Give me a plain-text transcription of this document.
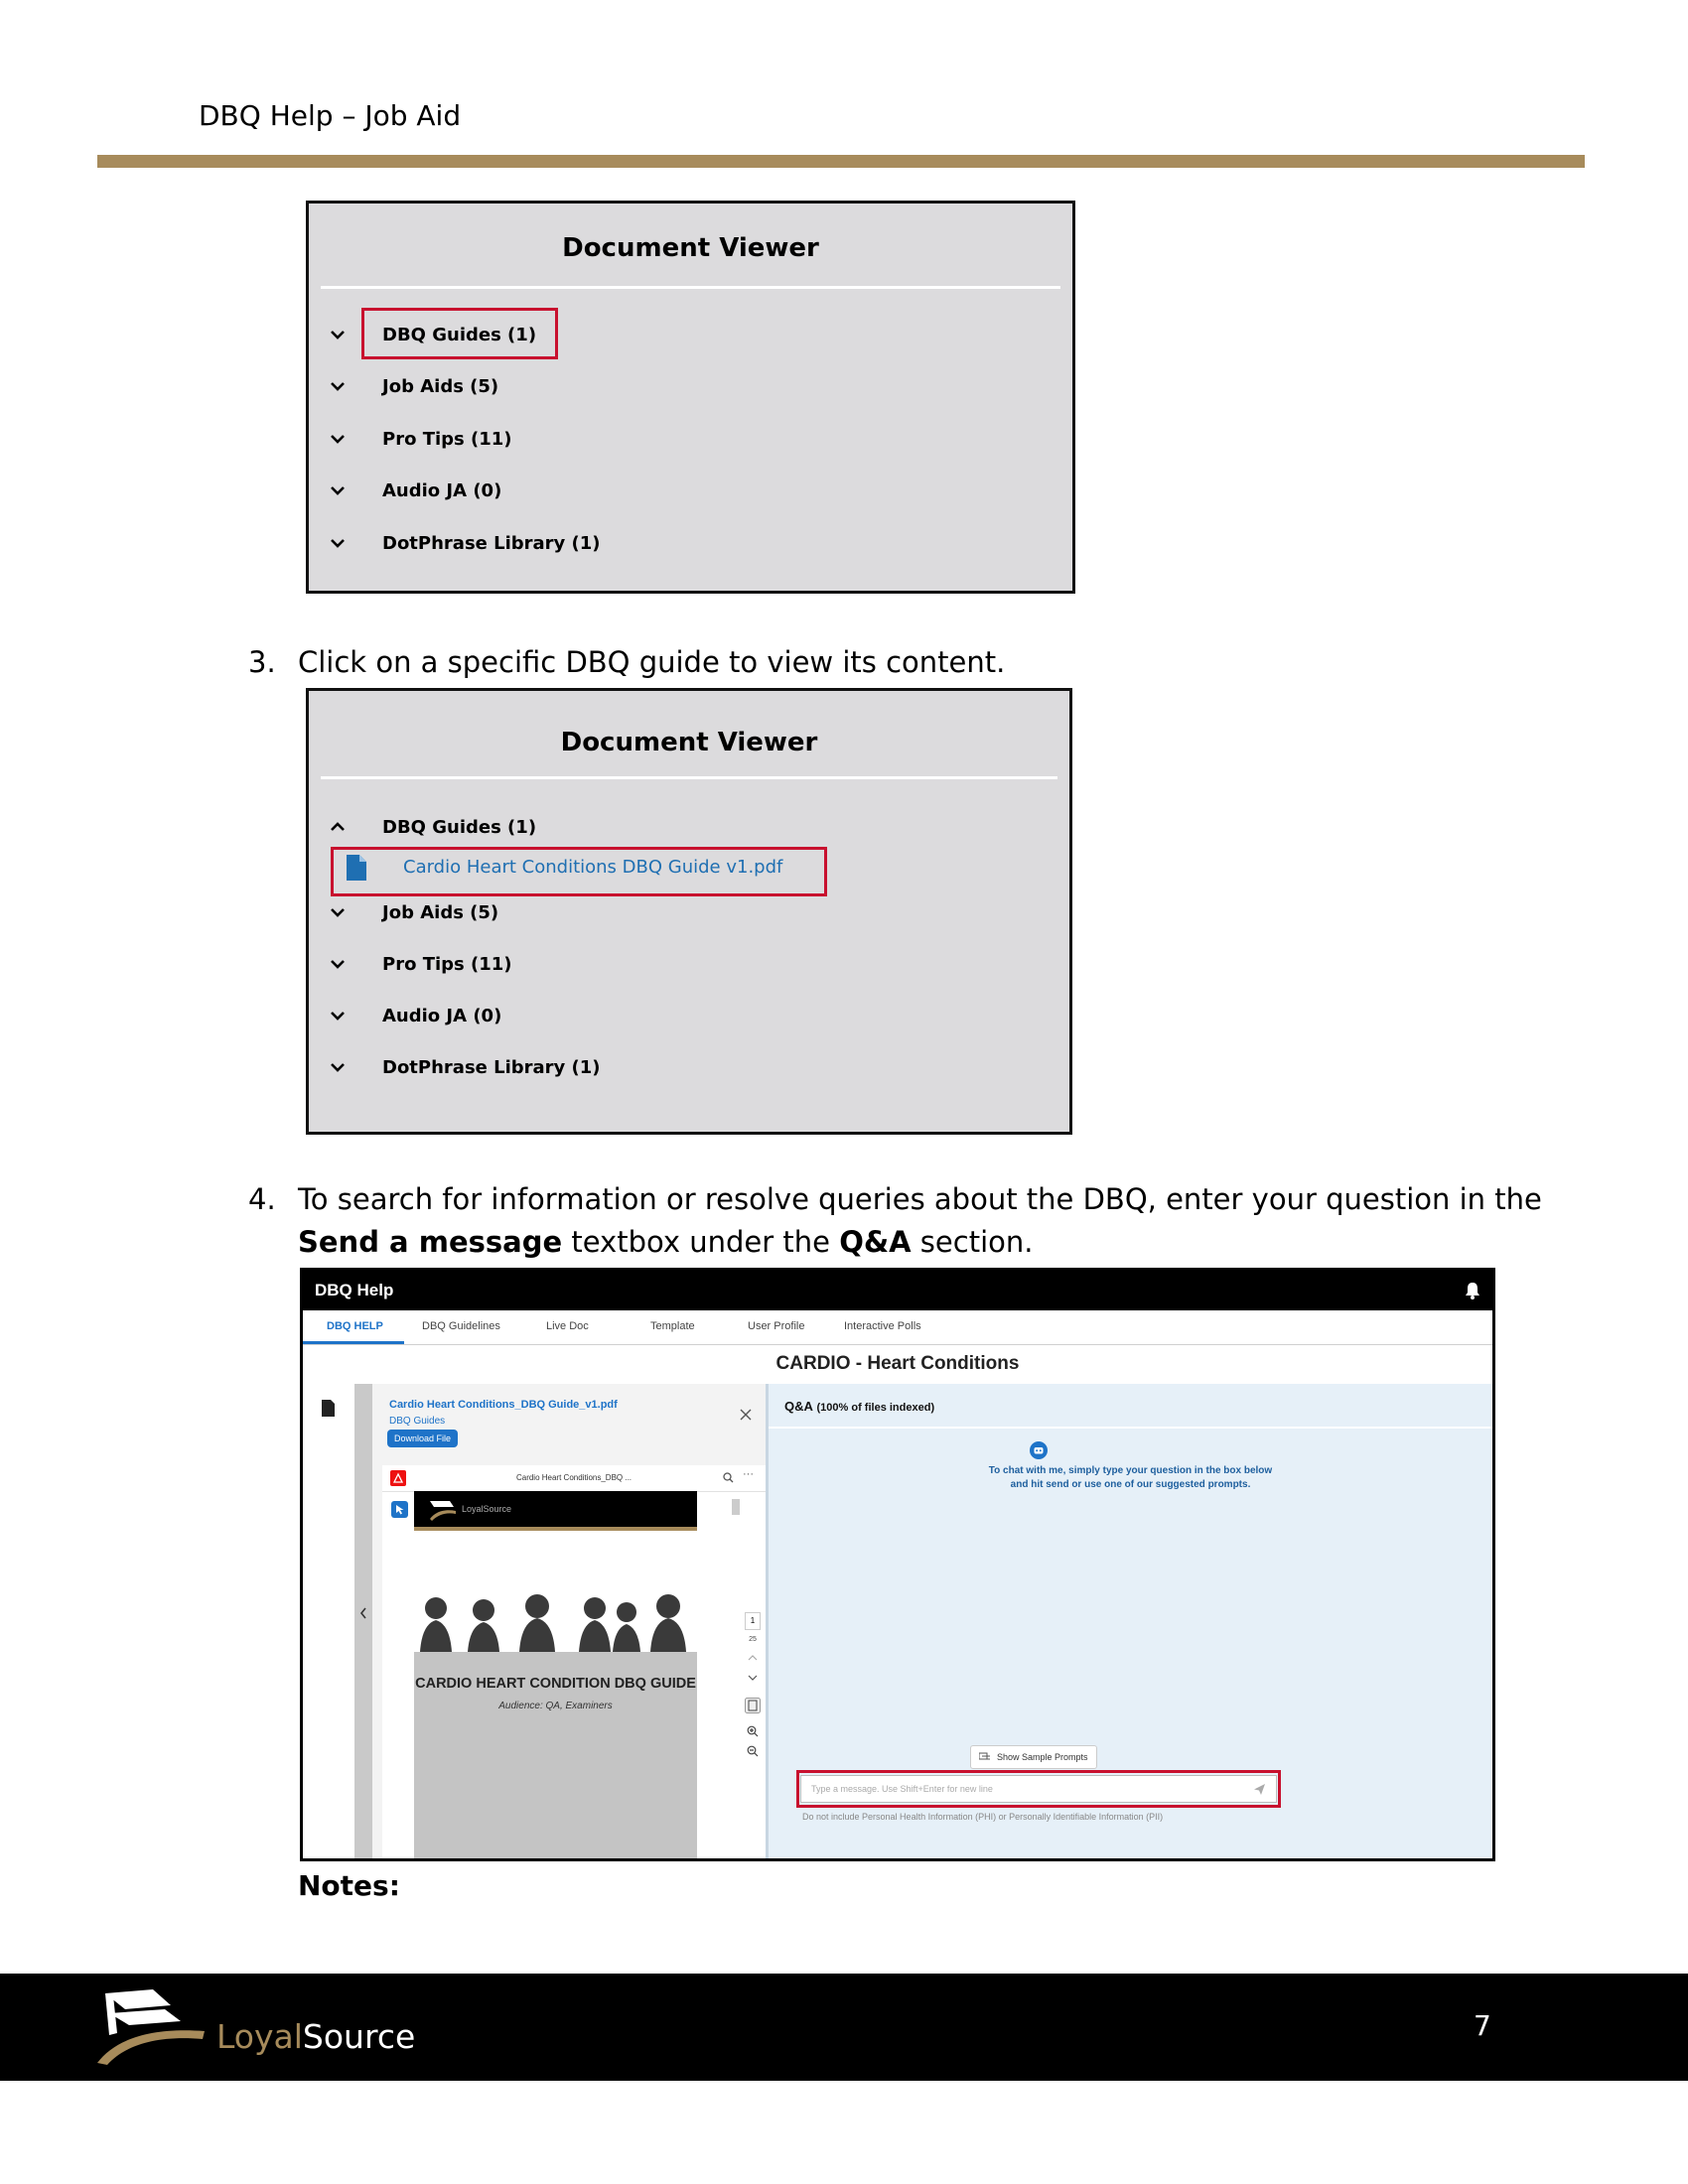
DBQ Help – Job Aid
Document Viewer
DBQ Guides (1)
Job Aids (5)
Pro Tips (11)
Audio JA (0)
DotPhrase Library (1)
3. Click on a specific DBQ guide to view its content.
Document Viewer
DBQ Guides (1)
Cardio Heart Conditions DBQ Guide v1.pdf
Job Aids (5)
Pro Tips (11)
Audio JA (0)
DotPhrase Library (1)
4. To search for information or resolve queries about the DBQ, enter your question in the
Send a message textbox under the Q&A section.
DBQ Help
DBQ HELP	DBQ Guidelines	Live Doc	Template	User Profile	Interactive Polls
CARDIO - Heart Conditions
Cardio Heart Conditions_DBQ Guide_v1.pdf
DBQ Guides
Download File
Cardio Heart Conditions_DBQ ...	···
LoyalSource
CARDIO HEART CONDITION DBQ GUIDE
Audience: QA, Examiners
1
25
Q&A (100% of files indexed)
To chat with me, simply type your question in the box below
and hit send or use one of our suggested prompts.
Show Sample Prompts
Type a message. Use Shift+Enter for new line
Do not include Personal Health Information (PHI) or Personally Identifiable Information (PII)
Notes:
LoyalSource	7
